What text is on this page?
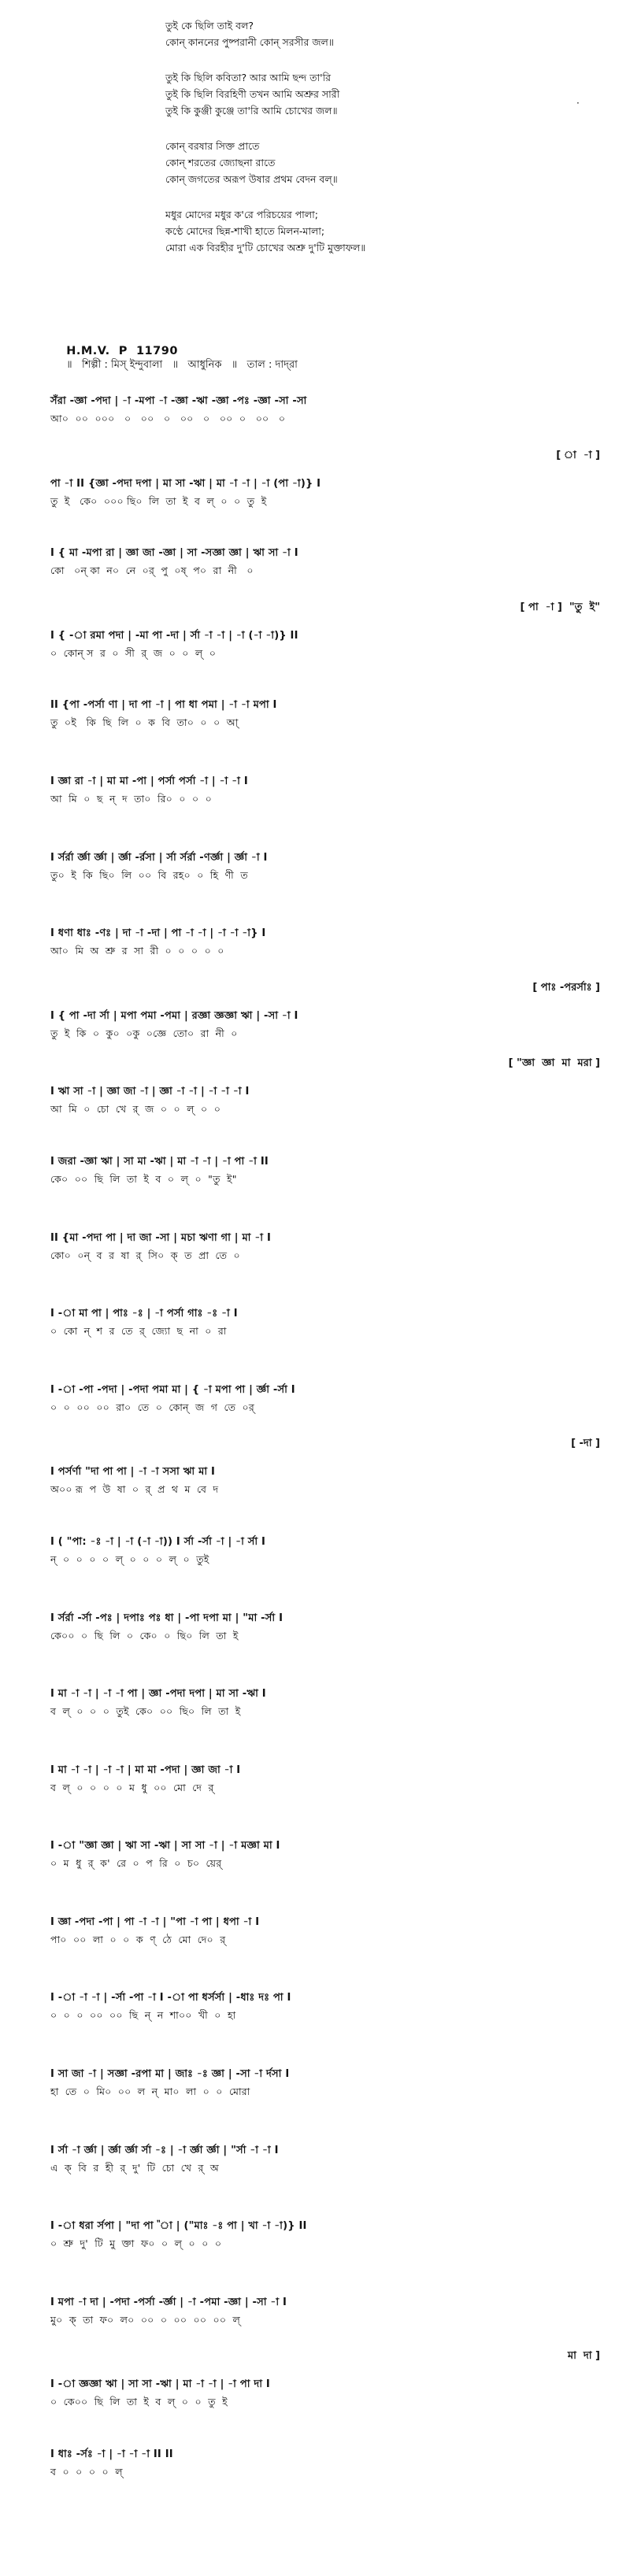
তুই কে ছিলি তাই বল?
কোন্ কাননের পুষ্পরানী কোন্ সরসীর জল॥
তুই কি ছিলি কবিতা? আর আমি ছন্দ তা'রি
তুই কি ছিলি বিরহিণী তখন আমি অশ্রুর সারী
তুই কি কুঞ্জী কুঞ্জে তা'রি আমি চোখের জল॥
কোন্ বরষার সিক্ত প্রাতে
কোন্ শরতের জ্যোছনা রাতে
কোন্ জগতের অরূপ উষার প্রথম বেদন বল্॥
মধুর মোদের মধুর ক'রে পরিচয়ের পালা;
কণ্ঠে মোদের ছিন্ন-শাখী হাতে মিলন-মালা;
মোরা এক বিরহীর দু'টি চোখের অশ্রু দু'টি মুক্তাফল॥
·

H.M.V.  P  11790
॥   শিল্পী : মিস্ ইন্দুবালা   ॥   আধুনিক   ॥   তাল : দাদ্‌রা

সঁরা -জ্ঞা -পদা | -া -মপা -া -জ্ঞা -ঋা -জ্ঞা -পঃ -জ্ঞা -সা -সা
আ০  ০০  ০০০   ০   ০০   ০   ০০   ০   ০০  ০   ০০   ০
[ া  -া ]
পা -া II {জ্ঞা -পদা দপা | মা সা -ঋা | মা -া -া | -া (পা -া)} I
তু  ই   কে০  ০০০ ছি০  লি  তা  ই  ব  ল্  ০  ০  তু  ই
I { মা -মপা রা | জ্ঞা জা -জ্ঞা | সা -সজ্ঞা জ্ঞা | ঋা সা -া I
কো   ০ন্ কা  ন০  নে  ০র্  পু  ০ষ্  প০  রা  নী   ০
[ পা  -া ]  "তু  ই"
I { -া রমা পদা | -মা পা -দা | র্সা -া -া | -া (-া -া)} II
০  কোন্ স  র  ০  সী  র্  জ  ০  ০  ল্  ০
II {পা -পর্সা ণা | দা পা -া | পা ধা পমা | -া -া মপা I
তু  ০ই   কি  ছি  লি  ০  ক  বি  তা০  ০  ০  আ্
I জ্ঞা রা -া | মা মা -পা | পর্সা পর্সা -া | -া -া I
আ  মি  ০  ছ  ন্  দ  তা০  রি০  ০  ০  ০
I র্সর্রা র্জ্ঞা র্জ্ঞা | র্জ্ঞা -র্রসা | র্সা র্সর্রা -ণর্জ্ঞা | র্জ্ঞা -া I
তু০  ই  কি  ছি০  লি  ০০  বি  রহ০  ০  হি  ণী  ত
I ধণা ধাঃ -ণঃ | দা -া -দা | পা -া -া | -া -া -া} I
আ০  মি  অ  শ্রু  র  সা  রী  ০  ০  ০  ০  ০
[ পাঃ -পরর্সাঃ ]
I { পা -দা র্সা | মপা পমা -পমা | রজ্ঞা জ্ঞজ্ঞা ঋা | -সা -া I
তু  ই  কি  ০  কু০  ০কু  ০জ্ঞে  তো০  রা  নী  ০
[ "জ্ঞা  জ্ঞা  মা  মরা ]
I ঋা সা -া | জ্ঞা জা -া | জ্ঞা -া -া | -া -া -া I
আ  মি  ০  চো  খে  র্  জ  ০  ০  ল্  ০  ০
I জরা -জ্ঞা ঋা | সা মা -ঋা | মা -া -া | -া পা -া II
কে০  ০০  ছি  লি  তা  ই  ব  ০  ল্  ০  "তু  ই"
II {মা -পদা পা | দা জা -সা | মচা ঋণা গা | মা -া I
কো০  ০ন্  ব  র  ষা  র্  সি০  ক্  ত  প্রা  তে  ০
I -া মা পা | পাঃ -ঃ | -া পর্সা গাঃ -ঃ -া I
০  কো  ন্  শ  র  তে  র্  জ্যো  ছ  না  ০  রা
I -া -পা -পদা | -পদা পমা মা | { -া মপা পা | র্জ্ঞা -র্সা I
০  ০  ০০  ০০  রা০  তে  ০  কোন্  জ  গ  তে  ০র্
[ -দা ]
I পর্সর্ণা "দা পা পা | -া -া সসা ঋা মা I
অ০০ রূ  প  উ  ষা  ০  র্  প্র  থ  ম  বে  দ
I ( "পা: -ঃ -া | -া (-া -া)) I র্সা -র্সা -া | -া র্সা I
ন্  ০  ০  ০  ০  ল্  ০  ০  ০  ল্  ০  তুই
I র্সর্রা -র্সা -পঃ | দপাঃ পঃ ধা | -পা দপা মা | "মা -র্সা I
কে০০  ০  ছি  লি  ০  কে০  ০  ছি০  লি  তা  ই
I মা -া -া | -া -া পা | জ্ঞা -পদা দপা | মা সা -ঋা I
ব  ল্  ০  ০  ০  তুই  কে০  ০০  ছি০  লি  তা  ই
I মা -া -া | -া -া | মা মা -পদা | জ্ঞা জা -া I
ব  ল্  ০  ০  ০  ০  ম  ধু  ০০  মো  দে  র্
I -া "জ্ঞা জ্ঞা | ঋা সা -ঋা | সা সা -া | -া মজ্ঞা মা I
০  ম  ধু  র্  ক'  রে  ০  প  রি  ০  চ০  য়ের্
I জ্ঞা -পদা -পা | পা -া -া | "পা -া পা | ধপা -া I
পা০  ০০  লা  ০  ০  ক  ণ্  ঠে  মো  দে০  র্
I -া -া -া | -র্সা -পা -া I -া পা ধর্সর্সা | -ধাঃ দঃ পা I
০  ০  ০  ০০  ০০  ছি  ন্  ন  শা০০  খী  ০  হা
I সা জা -া | সজ্ঞা -রপা মা | জাঃ -ঃ জ্ঞা | -সা -া র্দসা I
হা  তে  ০  মি০  ০০  ল  ন্  মা০  লা  ০  ০  মোরা
I র্সা -া র্জ্ঞা | র্জ্ঞা র্জ্ঞা র্সা -ঃ | -া র্জ্ঞা র্জ্ঞা | "র্সা -া -া I
এ  ক্  বি  র  হী  র্  দু'  টি  চো  খে  র্  অ
I -া ধরা র্সপা | "দা পা "া | ("মাঃ -ঃ পা | খা -া -া)} II
০  শ্রু  দু'  টি  মু  ক্তা  ফ০  ০  ল্  ০  ০  ০
I মপা -া দা | -পদা -পর্সা -র্জ্ঞা | -া -পমা -জ্ঞা | -সা -া I
মু০  ক্  তা  ফ০  ল০  ০০  ০  ০০  ০০  ০০  ল্
মা  দা ]
I -া জ্ঞজ্ঞা ঋা | সা সা -ঋা | মা -া -া | -া পা দা I
০  কে০০  ছি  লি  তা  ই  ব  ল্  ০  ০  তু  ই
I ধাঃ -র্সঃ -া | -া -া -া II II
ব  ০  ০  ০  ০  ল্
